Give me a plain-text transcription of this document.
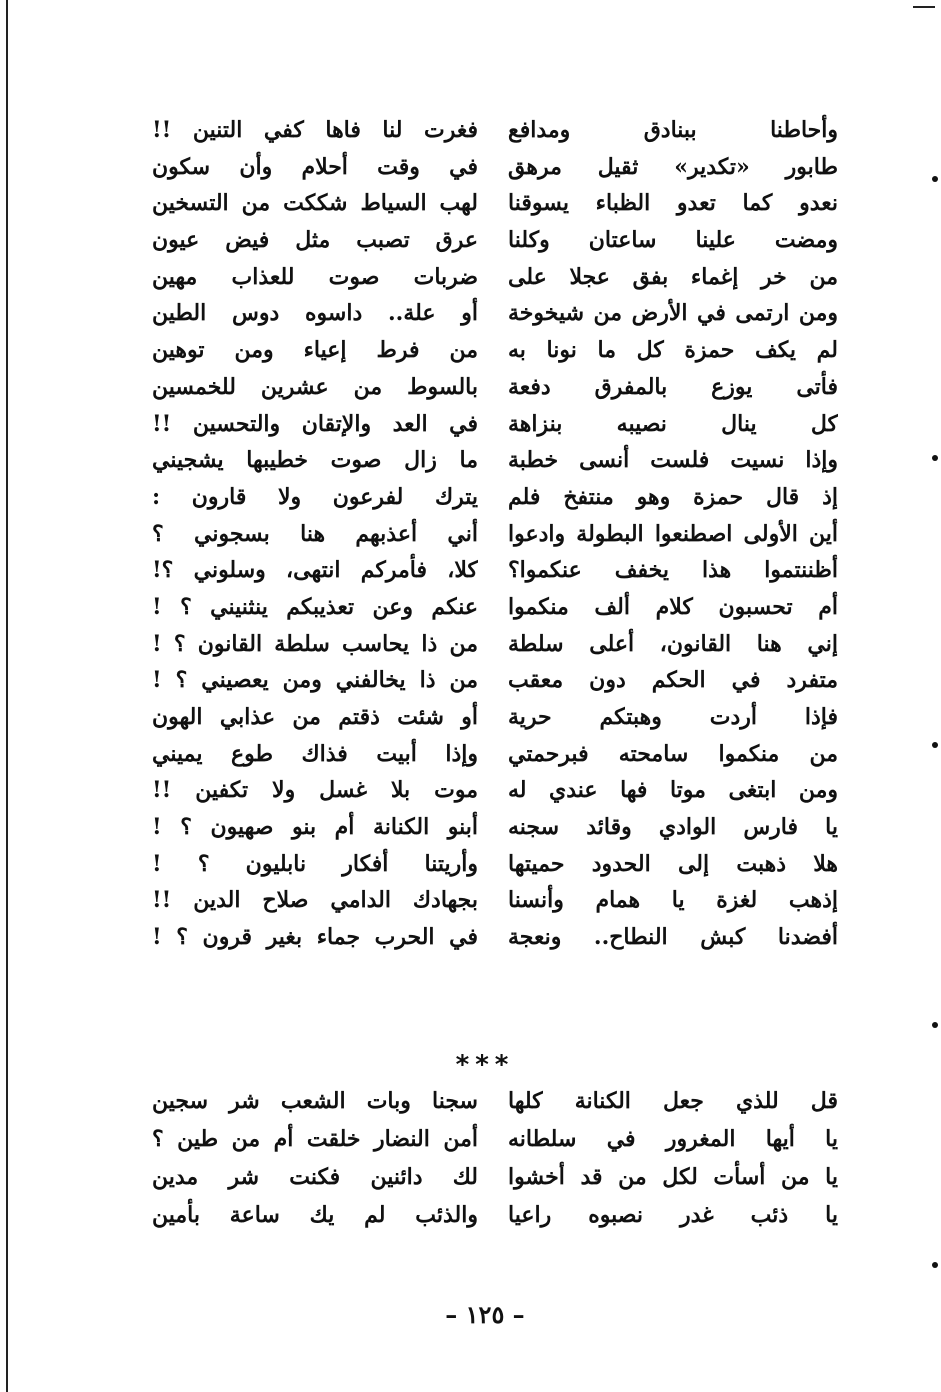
وأحاطنا ببنادق ومدافع
طابور «تكدير» ثقيل مرهق
نعدو كما تعدو الظباء يسوقنا
ومضت علينا ساعتان وكلنا
من خر إغماء بفق عجلا على
ومن ارتمى في الأرض من شيخوخة
لم يكف حمزة كل ما نونا به
فأتى يوزع بالمفرق دفعة
كل ينال نصيبه بنزاهة
وإذا نسيت فلست أنسى خطبة
إذ قال حمزة وهو منتفخ فلم
أين الأولى اصطنعوا البطولة وادعوا
أظننتموا هذا يخفف عنكموا؟
أم تحسبون كلام ألف منكموا
إني هنا القانون، أعلى سلطة
متفرد في الحكم دون معقب
فإذا أردت وهبتكم حرية
من منكموا سامحته فبرحمتي
ومن ابتغى موتا فها عندي له
يا فارس الوادي وقائد سجنه
هلا ذهبت إلى الحدود حميتها
إذهب لغزة يا همام وأنسنا
أفضدنا كبش النطاح.. ونعجة
فغرت لنا فاها كفي التنين !!
في وقت أحلام وأن سكون
لهب السياط شككت من التسخين
عرق تصبب مثل فيض عيون
ضربات صوت للعذاب مهين
أو علة.. داسوه دوس الطين
من فرط إعياء ومن توهين
بالسوط من عشرين للخمسين
في العد والإتقان والتحسين !!
ما زال صوت خطيبها يشجيني
يترك لفرعون ولا قارون :
أني أعذبهم هنا بسجوني ؟
كلا، فأمركم انتهى، وسلوني ؟!
عنكم وعن تعذيبكم ينثنيني ؟ !
من ذا يحاسب سلطة القانون ؟ !
من ذا يخالفني ومن يعصيني ؟ !
أو شئت ذقتم من عذابي الهون
وإذا أبيت فذاك طوع يميني
موت بلا غسل ولا تكفين !!
أبنو الكنانة أم بنو صهيون ؟ !
وأريتنا أفكار نابليون ؟ !
بجهادك الدامي صلاح الدين !!
في الحرب جماء بغير قرون ؟ !
***
قل للذي جعل الكنانة كلها
يا أيها المغرور في سلطانه
يا من أسأت لكل من قد أخشوا
يا ذئب غدر نصبوه راعيا
سجنا وبات الشعب شر سجين
أمن النضار خلقت أم من طين ؟
لك دائنين فكنت شر مدين
والذئب لم يك ساعة بأمين
– ١٢٥ –
